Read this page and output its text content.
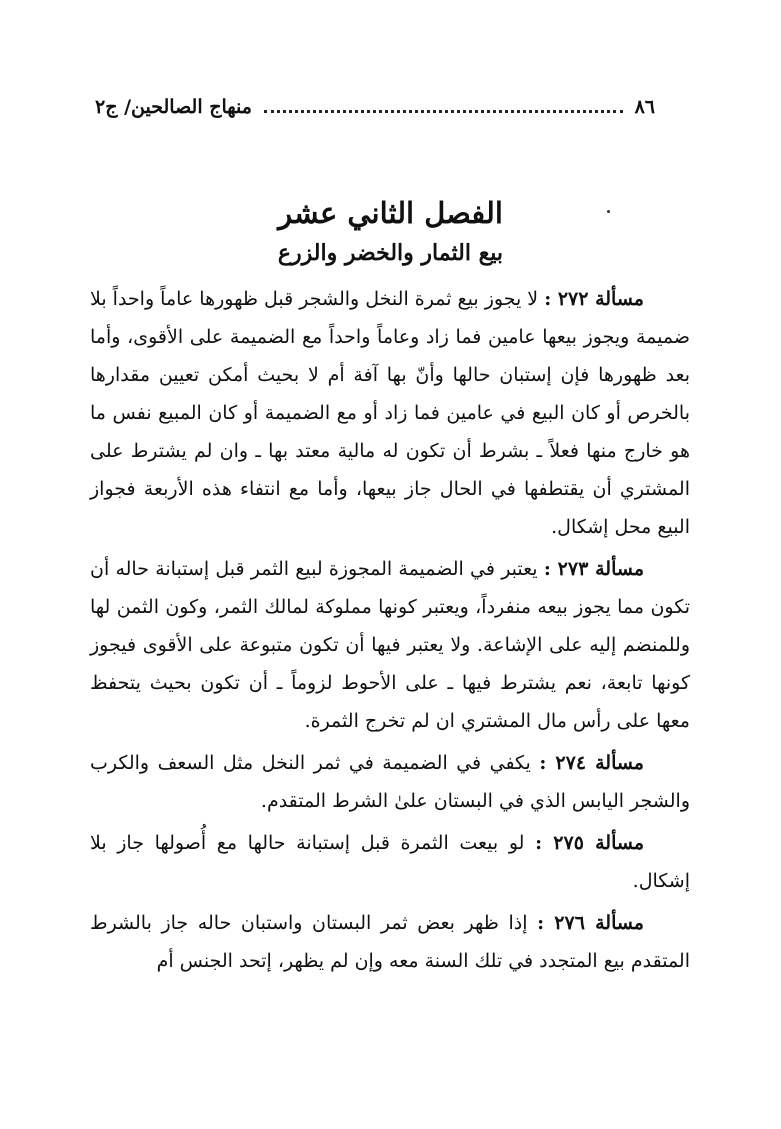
٨٦
منهاج الصالحين/ ج٢
الفصل الثاني عشر
بيع الثمار والخضر والزرع

مسألة ٢٧٢ : لا يجوز بيع ثمرة النخل والشجر قبل ظهورها عاماً واحداً بلا ضميمة ويجوز بيعها عامين فما زاد وعاماً واحداً مع الضميمة على الأقوى، وأما بعد ظهورها فإن إستبان حالها وأنّ بها آفة أم لا بحيث أمكن تعيين مقدارها بالخرص أو كان البيع في عامين فما زاد أو مع الضميمة أو كان المبيع نفس ما هو خارج منها فعلاً ـ بشرط أن تكون له مالية معتد بها ـ وان لم يشترط على المشتري أن يقتطفها في الحال جاز بيعها، وأما مع انتفاء هذه الأربعة فجواز البيع محل إشكال.

مسألة ٢٧٣ : يعتبر في الضميمة المجوزة لبيع الثمر قبل إستبانة حاله أن تكون مما يجوز بيعه منفرداً، ويعتبر كونها مملوكة لمالك الثمر، وكون الثمن لها وللمنضم إليه على الإشاعة. ولا يعتبر فيها أن تكون متبوعة على الأقوى فيجوز كونها تابعة، نعم يشترط فيها ـ على الأحوط لزوماً ـ أن تكون بحيث يتحفظ معها على رأس مال المشتري ان لم تخرج الثمرة.

مسألة ٢٧٤ : يكفي في الضميمة في ثمر النخل مثل السعف والكرب والشجر اليابس الذي في البستان علىٰ الشرط المتقدم.

مسألة ٢٧٥ : لو بيعت الثمرة قبل إستبانة حالها مع أُصولها جاز بلا إشكال.

مسألة ٢٧٦ : إذا ظهر بعض ثمر البستان واستبان حاله جاز بالشرط المتقدم بيع المتجدد في تلك السنة معه وإن لم يظهر، إتحد الجنس أم
